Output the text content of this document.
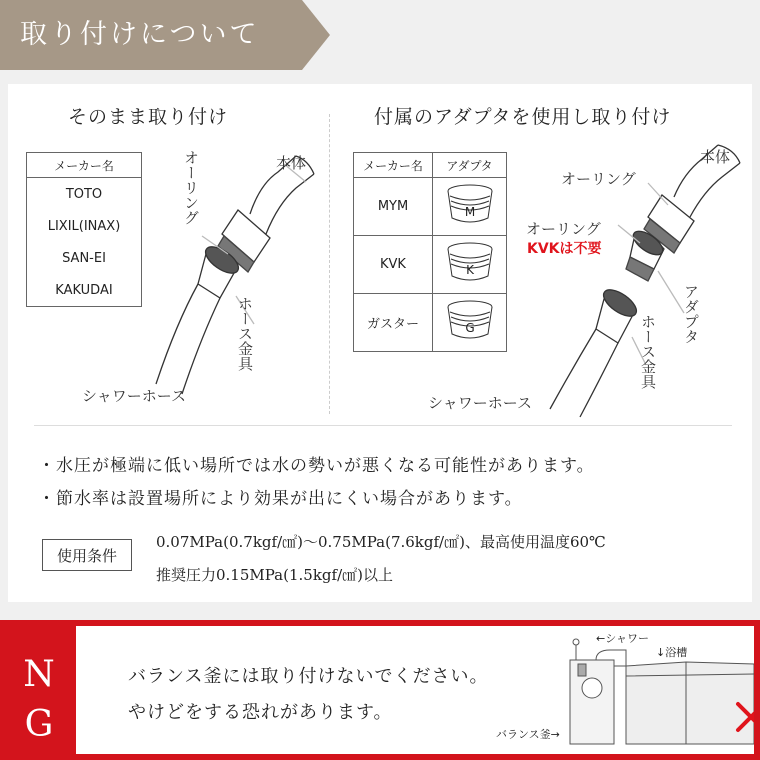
取り付けについて
そのまま取り付け
メーカー名
TOTO
LIXIL(INAX)
SAN-EI
KAKUDAI
本体
オーリング
ホース金具
シャワーホース
付属のアダプタを使用し取り付け
メーカー名	アダプタ
MYM	M

KVK	K

ガスター	G
本体
オーリング
オーリング
KVKは不要
アダプタ
ホース金具
シャワーホース
・水圧が極端に低い場所では水の勢いが悪くなる可能性があります。
・節水率は設置場所により効果が出にくい場合があります。
使用条件
0.07MPa(0.7kgf/㎠)～0.75MPa(7.6kgf/㎠)、最高使用温度60℃
推奨圧力0.15MPa(1.5kgf/㎠)以上
N
G
バランス釜には取り付けないでください。
やけどをする恐れがあります。
←シャワー
↓浴槽
バランス釜→
